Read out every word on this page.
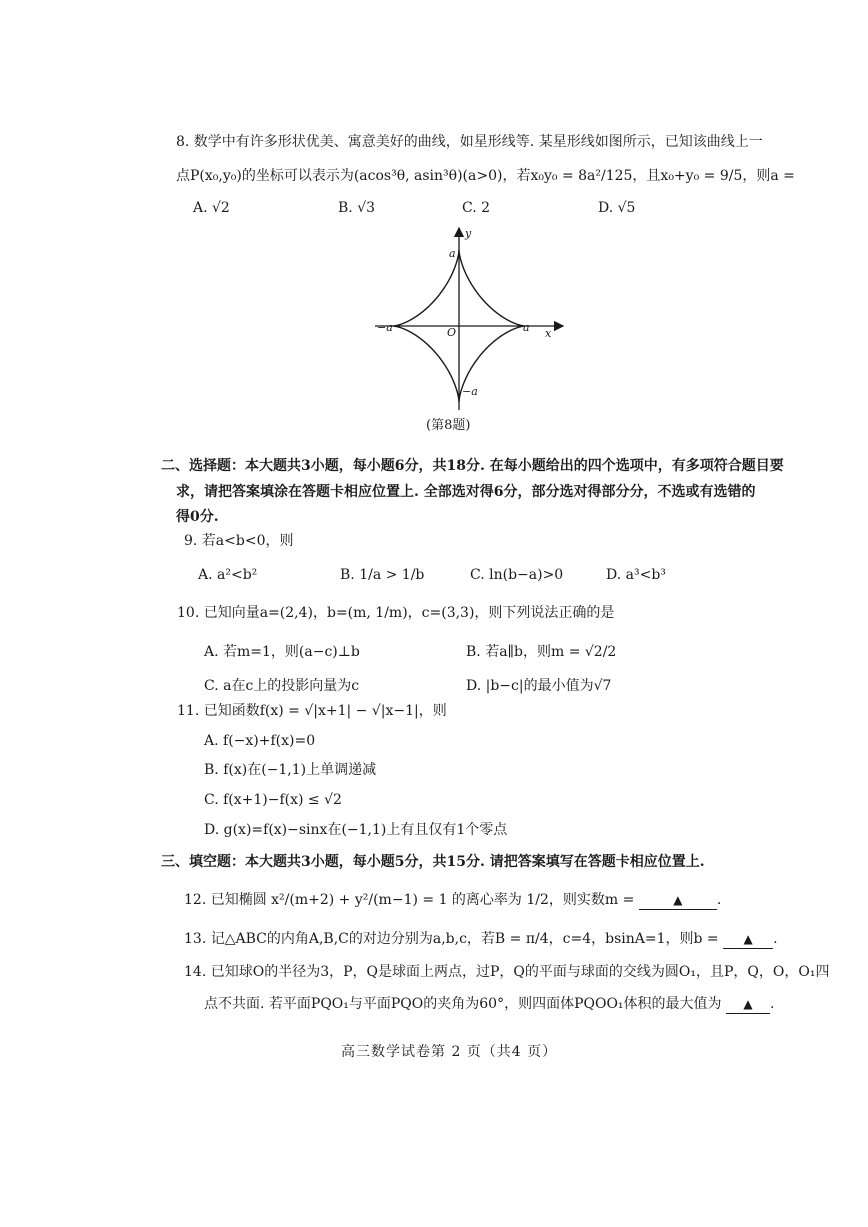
8. 数学中有许多形状优美、寓意美好的曲线，如星形线等. 某星形线如图所示，已知该曲线上一
点P(x₀,y₀)的坐标可以表示为(acos³θ, asin³θ)(a>0)，若x₀y₀ = 8a²/125，且x₀+y₀ = 9/5，则a =
A. √2	B. √3	C. 2	D. √5
y
x
a
−a
−a	a
O
(第8题)
二、选择题：本大题共3小题，每小题6分，共18分. 在每小题给出的四个选项中，有多项符合题目要
求，请把答案填涂在答题卡相应位置上. 全部选对得6分，部分选对得部分分，不选或有选错的
得0分.
9. 若a<b<0，则
A. a²<b²	B. 1/a > 1/b	C. ln(b−a)>0	D. a³<b³
10. 已知向量a=(2,4)，b=(m, 1/m)，c=(3,3)，则下列说法正确的是
A. 若m=1，则(a−c)⊥b	B. 若a∥b，则m = √2/2
C. a在c上的投影向量为c	D. |b−c|的最小值为√7
11. 已知函数f(x) = √|x+1| − √|x−1|，则
A. f(−x)+f(x)=0
B. f(x)在(−1,1)上单调递减
C. f(x+1)−f(x) ≤ √2
D. g(x)=f(x)−sinx在(−1,1)上有且仅有1个零点
三、填空题：本大题共3小题，每小题5分，共15分. 请把答案填写在答题卡相应位置上.
12. 已知椭圆 x²/(m+2) + y²/(m−1) = 1 的离心率为 1/2，则实数m =	▲ .
13. 记△ABC的内角A,B,C的对边分别为a,b,c，若B = π/4，c=4，bsinA=1，则b = ▲ .
14. 已知球O的半径为3，P，Q是球面上两点，过P，Q的平面与球面的交线为圆O₁，且P，Q，O，O₁四
点不共面. 若平面PQO₁与平面PQO的夹角为60°，则四面体PQOO₁体积的最大值为 ▲ .
高三数学试卷第 2 页（共4 页）
